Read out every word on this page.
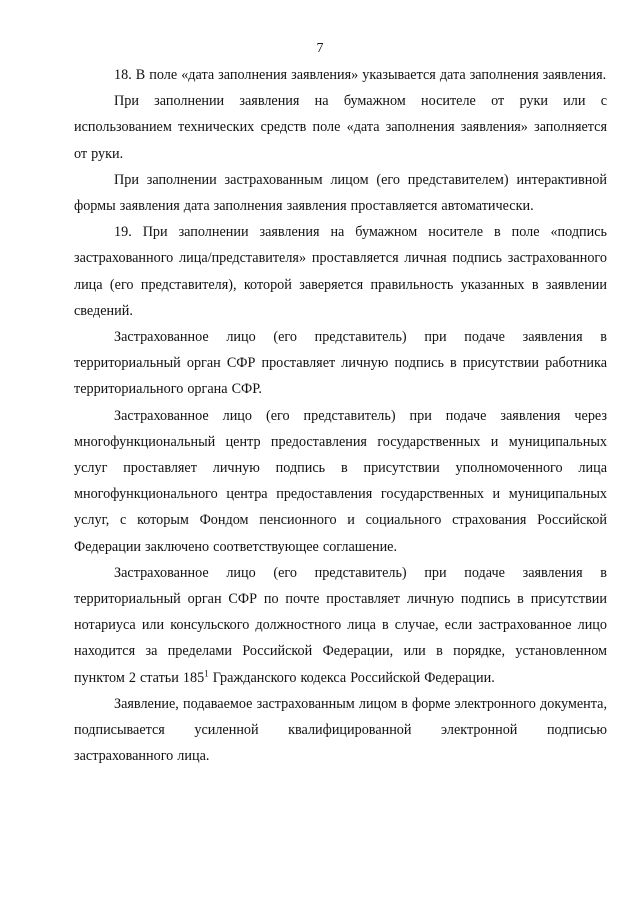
7

18. В поле «дата заполнения заявления» указывается дата заполнения заявления.

При заполнении заявления на бумажном носителе от руки или с использованием технических средств поле «дата заполнения заявления» заполняется от руки.

При заполнении застрахованным лицом (его представителем) интерактивной формы заявления дата заполнения заявления проставляется автоматически.

19. При заполнении заявления на бумажном носителе в поле «подпись застрахованного лица/представителя» проставляется личная подпись застрахованного лица (его представителя), которой заверяется правильность указанных в заявлении сведений.

Застрахованное лицо (его представитель) при подаче заявления в территориальный орган СФР проставляет личную подпись в присутствии работника территориального органа СФР.

Застрахованное лицо (его представитель) при подаче заявления через многофункциональный центр предоставления государственных и муниципальных услуг проставляет личную подпись в присутствии уполномоченного лица многофункционального центра предоставления государственных и муниципальных услуг, с которым Фондом пенсионного и социального страхования Российской Федерации заключено соответствующее соглашение.

Застрахованное лицо (его представитель) при подаче заявления в территориальный орган СФР по почте проставляет личную подпись в присутствии нотариуса или консульского должностного лица в случае, если застрахованное лицо находится за пределами Российской Федерации, или в порядке, установленном пунктом 2 статьи $185^1$ Гражданского кодекса Российской Федерации.

Заявление, подаваемое застрахованным лицом в форме электронного документа, подписывается усиленной квалифицированной электронной подписью застрахованного лица.
